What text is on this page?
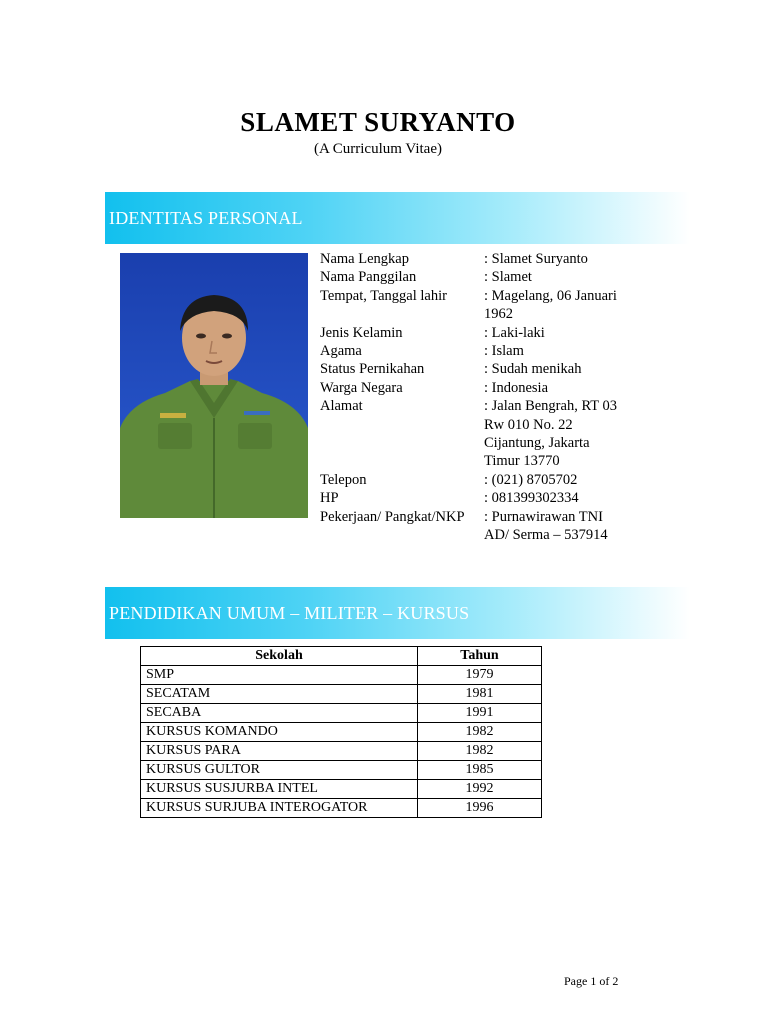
SLAMET SURYANTO
(A Curriculum Vitae)
IDENTITAS PERSONAL
Nama Lengkap	: Slamet Suryanto
Nama Panggilan	: Slamet
Tempat, Tanggal lahir	: Magelang, 06 Januari
1962
Jenis Kelamin	: Laki-laki
Agama	: Islam
Status Pernikahan	: Sudah menikah
Warga Negara	: Indonesia
Alamat	: Jalan Bengrah, RT 03
Rw 010 No. 22
Cijantung, Jakarta
Timur 13770
Telepon	: (021) 8705702
HP	: 081399302334
Pekerjaan/ Pangkat/NKP	: Purnawirawan TNI
AD/ Serma – 537914
PENDIDIKAN UMUM – MILITER – KURSUS
Sekolah	Tahun
SMP	1979
SECATAM	1981
SECABA	1991
KURSUS KOMANDO	1982
KURSUS PARA	1982
KURSUS GULTOR	1985
KURSUS SUSJURBA INTEL	1992
KURSUS SURJUBA INTEROGATOR	1996
Page 1 of 2
